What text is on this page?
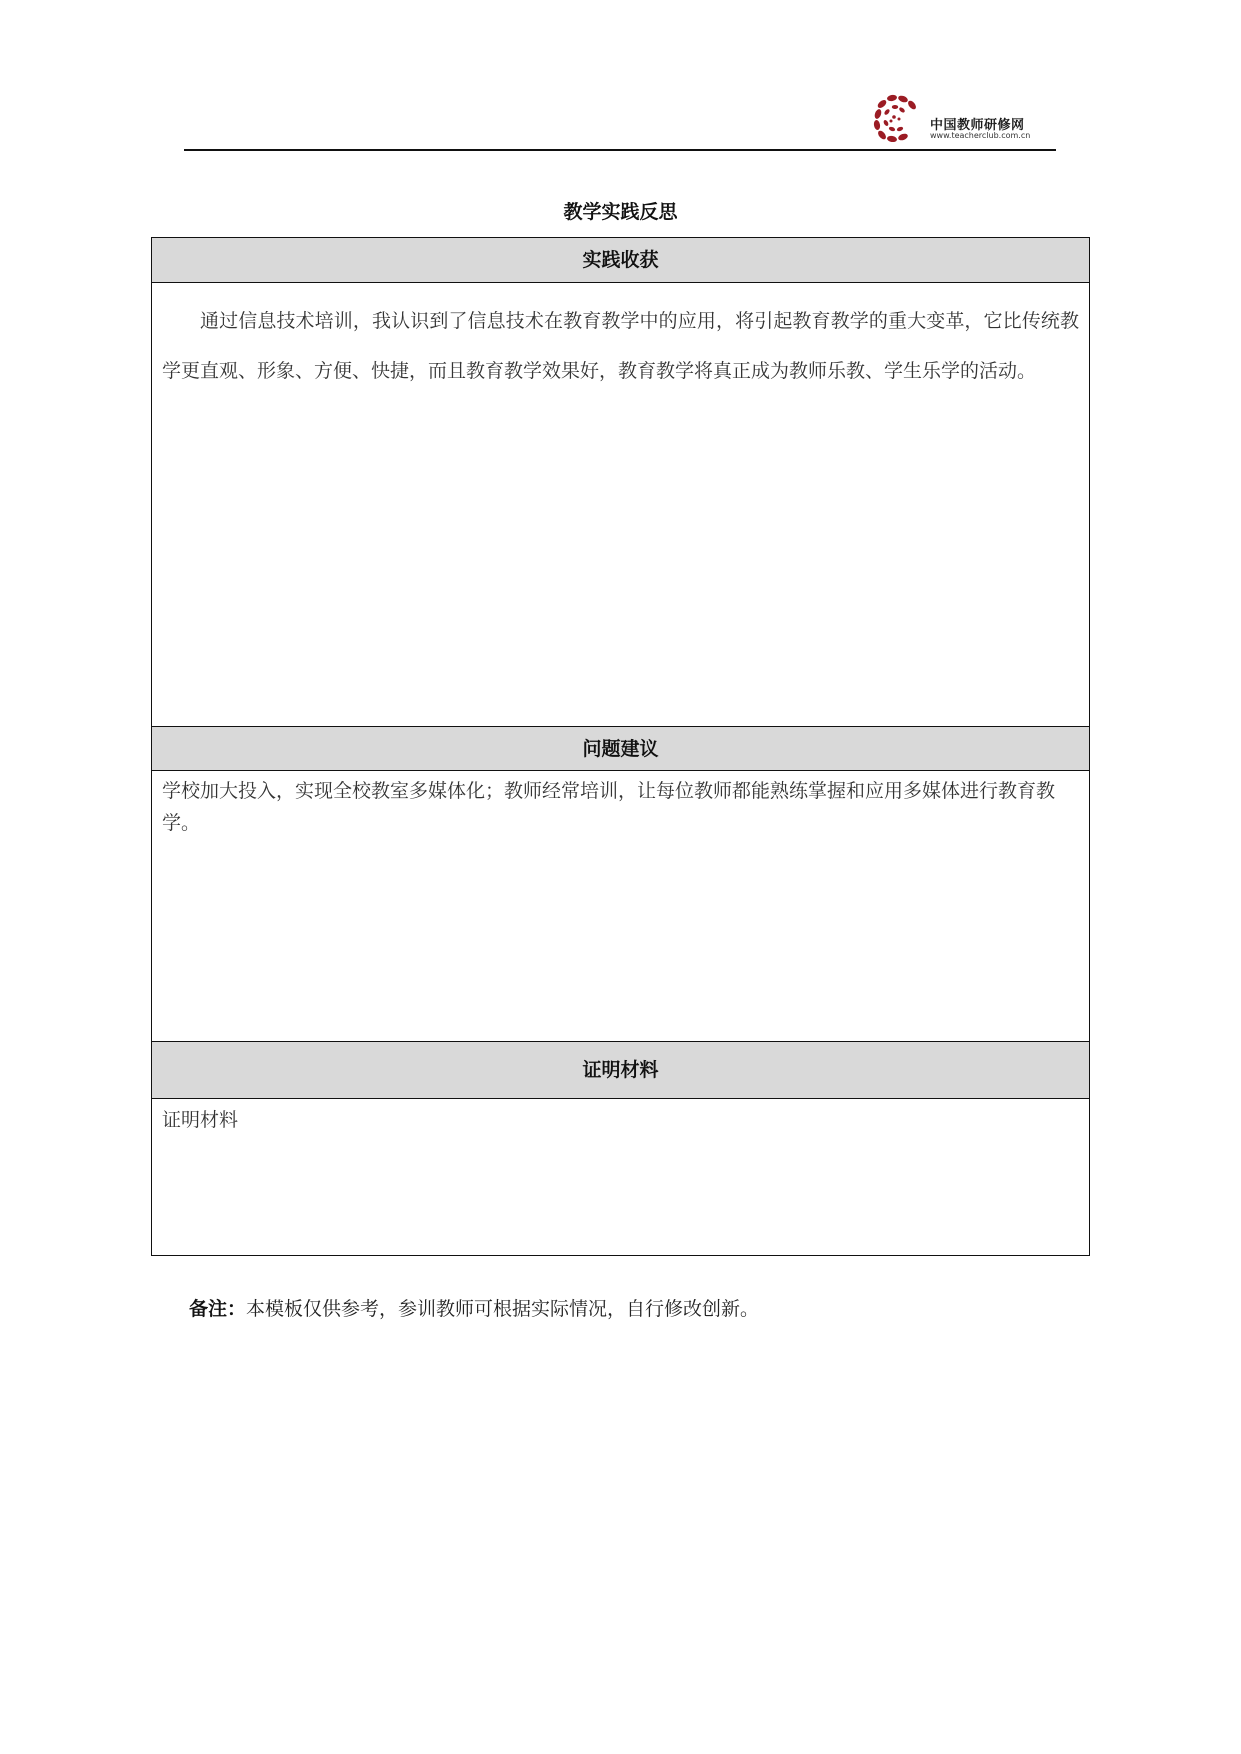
中国教师研修网
www.teacherclub.com.cn
教学实践反思
实践收获
通过信息技术培训，我认识到了信息技术在教育教学中的应用，将引起教育教学的重大变革，它比传统教学更直观、形象、方便、快捷，而且教育教学效果好，教育教学将真正成为教师乐教、学生乐学的活动。
问题建议
学校加大投入，实现全校教室多媒体化；教师经常培训，让每位教师都能熟练掌握和应用多媒体进行教育教学。
证明材料
证明材料
备注：本模板仅供参考，参训教师可根据实际情况，自行修改创新。
